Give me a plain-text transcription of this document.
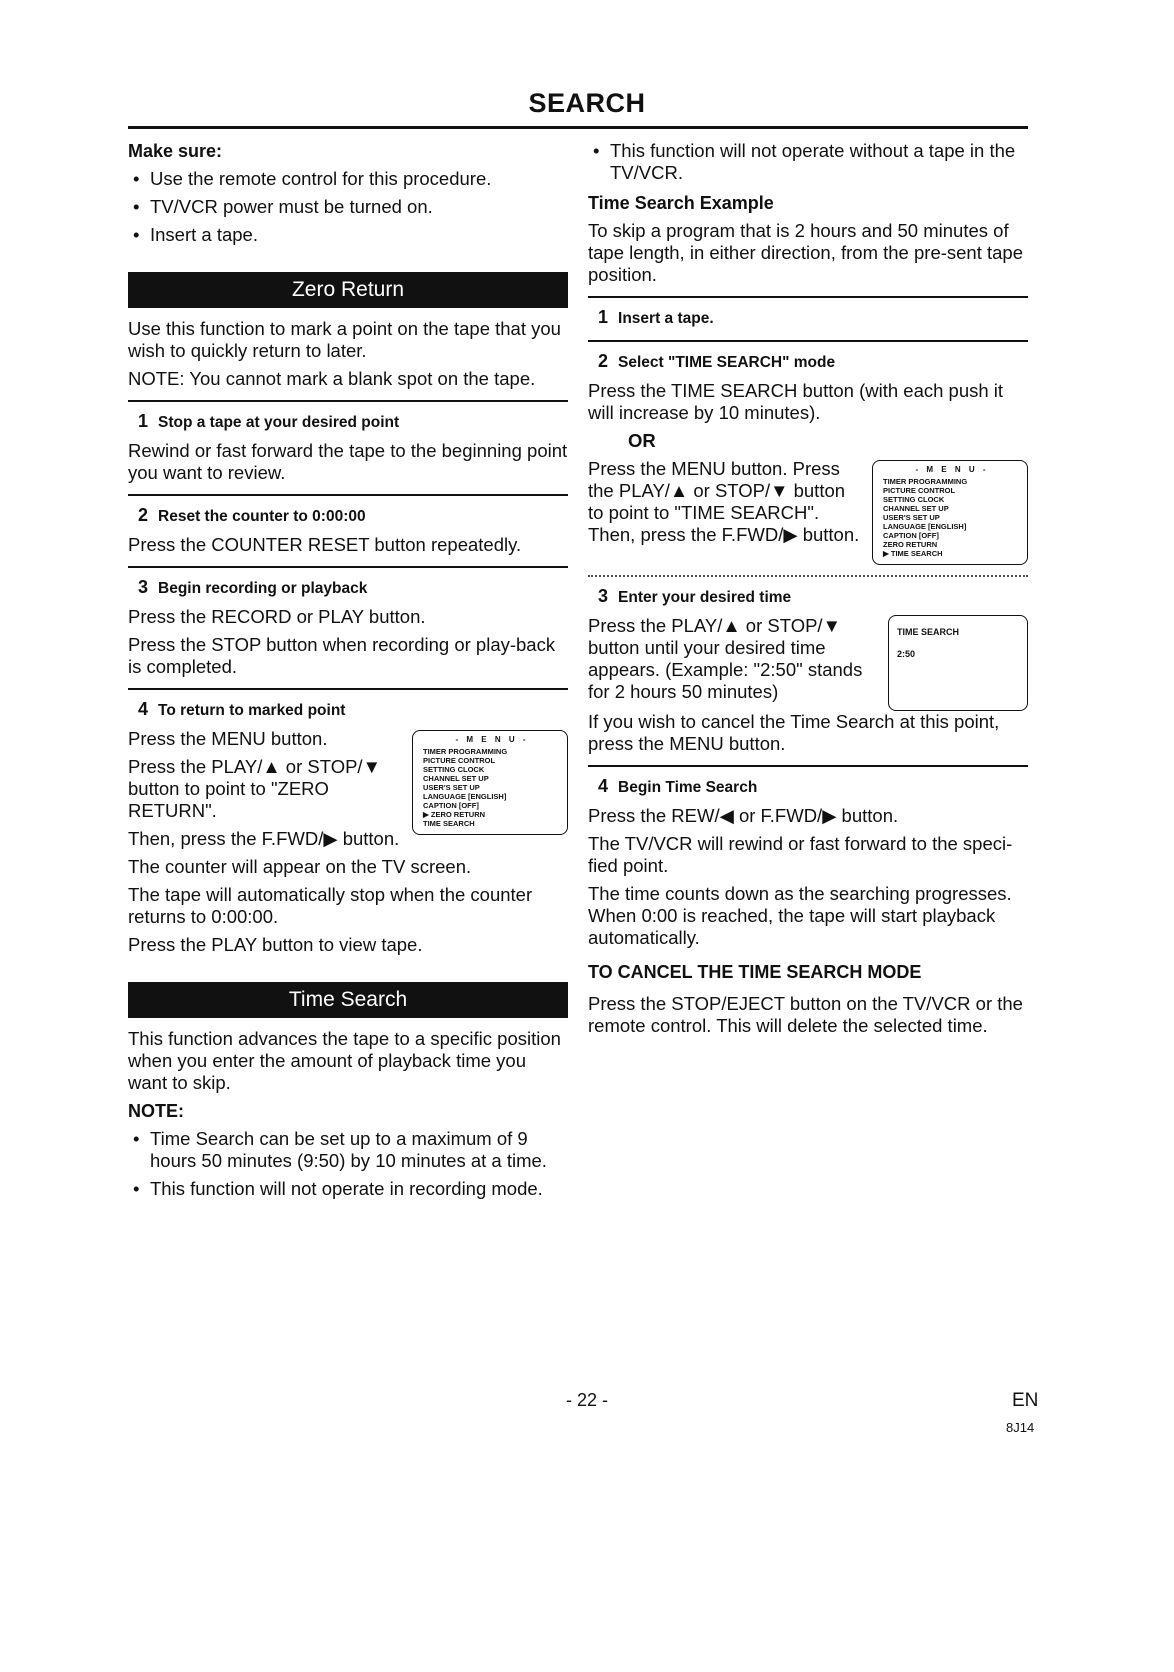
SEARCH
Make sure:
• Use the remote control for this procedure.
• TV/VCR power must be turned on.
• Insert a tape.
Zero Return

Use this function to mark a point on the tape that you wish to quickly return to later.

NOTE: You cannot mark a blank spot on the tape.

1 Stop a tape at your desired point

Rewind or fast forward the tape to the beginning point you want to review.

2 Reset the counter to 0:00:00

Press the COUNTER RESET button repeatedly.

3 Begin recording or playback

Press the RECORD or PLAY button.

Press the STOP button when recording or play-back is completed.

4 To return to marked point

Press the MENU button.

Press the PLAY/▲ or STOP/▼ button to point to "ZERO RETURN".

Then, press the F.FWD/▶ button.

- M E N U -
TIMER PROGRAMMING
PICTURE CONTROL
SETTING CLOCK
CHANNEL SET UP
USER'S SET UP
LANGUAGE [ENGLISH]
CAPTION [OFF]
▶ ZERO RETURN
TIME SEARCH

The counter will appear on the TV screen.

The tape will automatically stop when the counter returns to 0:00:00.

Press the PLAY button to view tape.

Time Search

This function advances the tape to a specific position when you enter the amount of playback time you want to skip.

NOTE:
• Time Search can be set up to a maximum of 9 hours 50 minutes (9:50) by 10 minutes at a time.
• This function will not operate in recording mode.
• This function will not operate without a tape in the TV/VCR.
Time Search Example

To skip a program that is 2 hours and 50 minutes of tape length, in either direction, from the pre-sent tape position.

1 Insert a tape.
2 Select "TIME SEARCH" mode

Press the TIME SEARCH button (with each push it will increase by 10 minutes).

OR

Press the MENU button. Press the PLAY/▲ or STOP/▼ button to point to "TIME SEARCH". Then, press the F.FWD/▶ button.

- M E N U -
TIMER PROGRAMMING
PICTURE CONTROL
SETTING CLOCK
CHANNEL SET UP
USER'S SET UP
LANGUAGE [ENGLISH]
CAPTION [OFF]
ZERO RETURN
▶ TIME SEARCH
3 Enter your desired time

Press the PLAY/▲ or STOP/▼ button until your desired time appears. (Example: "2:50" stands for 2 hours 50 minutes)

TIME SEARCH
2:50

If you wish to cancel the Time Search at this point, press the MENU button.

4 Begin Time Search

Press the REW/◀ or F.FWD/▶ button.

The TV/VCR will rewind or fast forward to the speci-fied point.

The time counts down as the searching progresses. When 0:00 is reached, the tape will start playback automatically.

TO CANCEL THE TIME SEARCH MODE

Press the STOP/EJECT button on the TV/VCR or the remote control. This will delete the selected time.

- 22 -	EN
8J14
